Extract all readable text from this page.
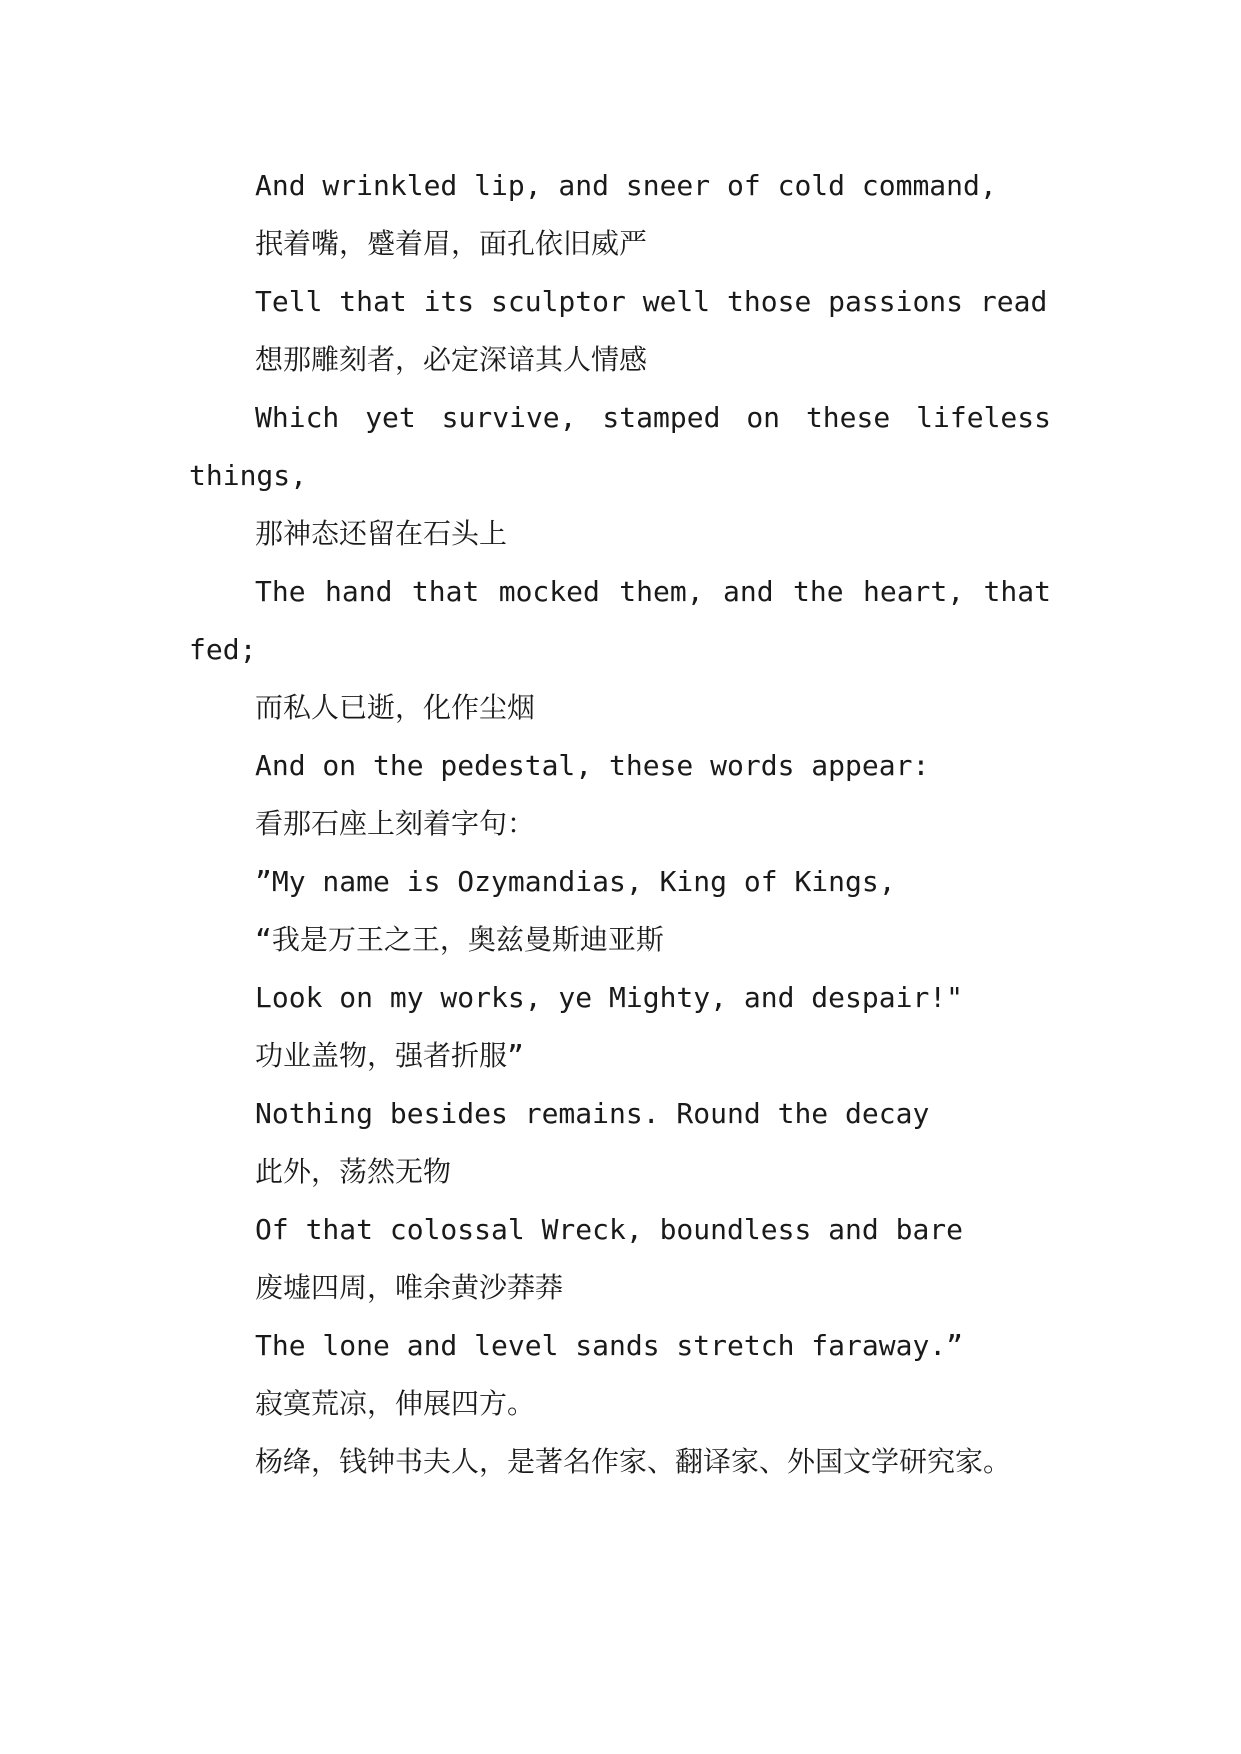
And wrinkled lip, and sneer of cold command,

抿着嘴，蹙着眉，面孔依旧威严

Tell that its sculptor well those passions read

想那雕刻者，必定深谙其人情感

Which yet survive, stamped on these lifeless things,

那神态还留在石头上

The hand that mocked them, and the heart, that fed;

而私人已逝，化作尘烟

And on the pedestal, these words appear:

看那石座上刻着字句：

”My name is Ozymandias, King of Kings,

“我是万王之王，奥兹曼斯迪亚斯

Look on my works, ye Mighty, and despair!"

功业盖物，强者折服”

Nothing besides remains. Round the decay

此外，荡然无物

Of that colossal Wreck, boundless and bare

废墟四周，唯余黄沙莽莽

The lone and level sands stretch faraway.”

寂寞荒凉，伸展四方。

杨绛，钱钟书夫人，是著名作家、翻译家、外国文学研究家。
